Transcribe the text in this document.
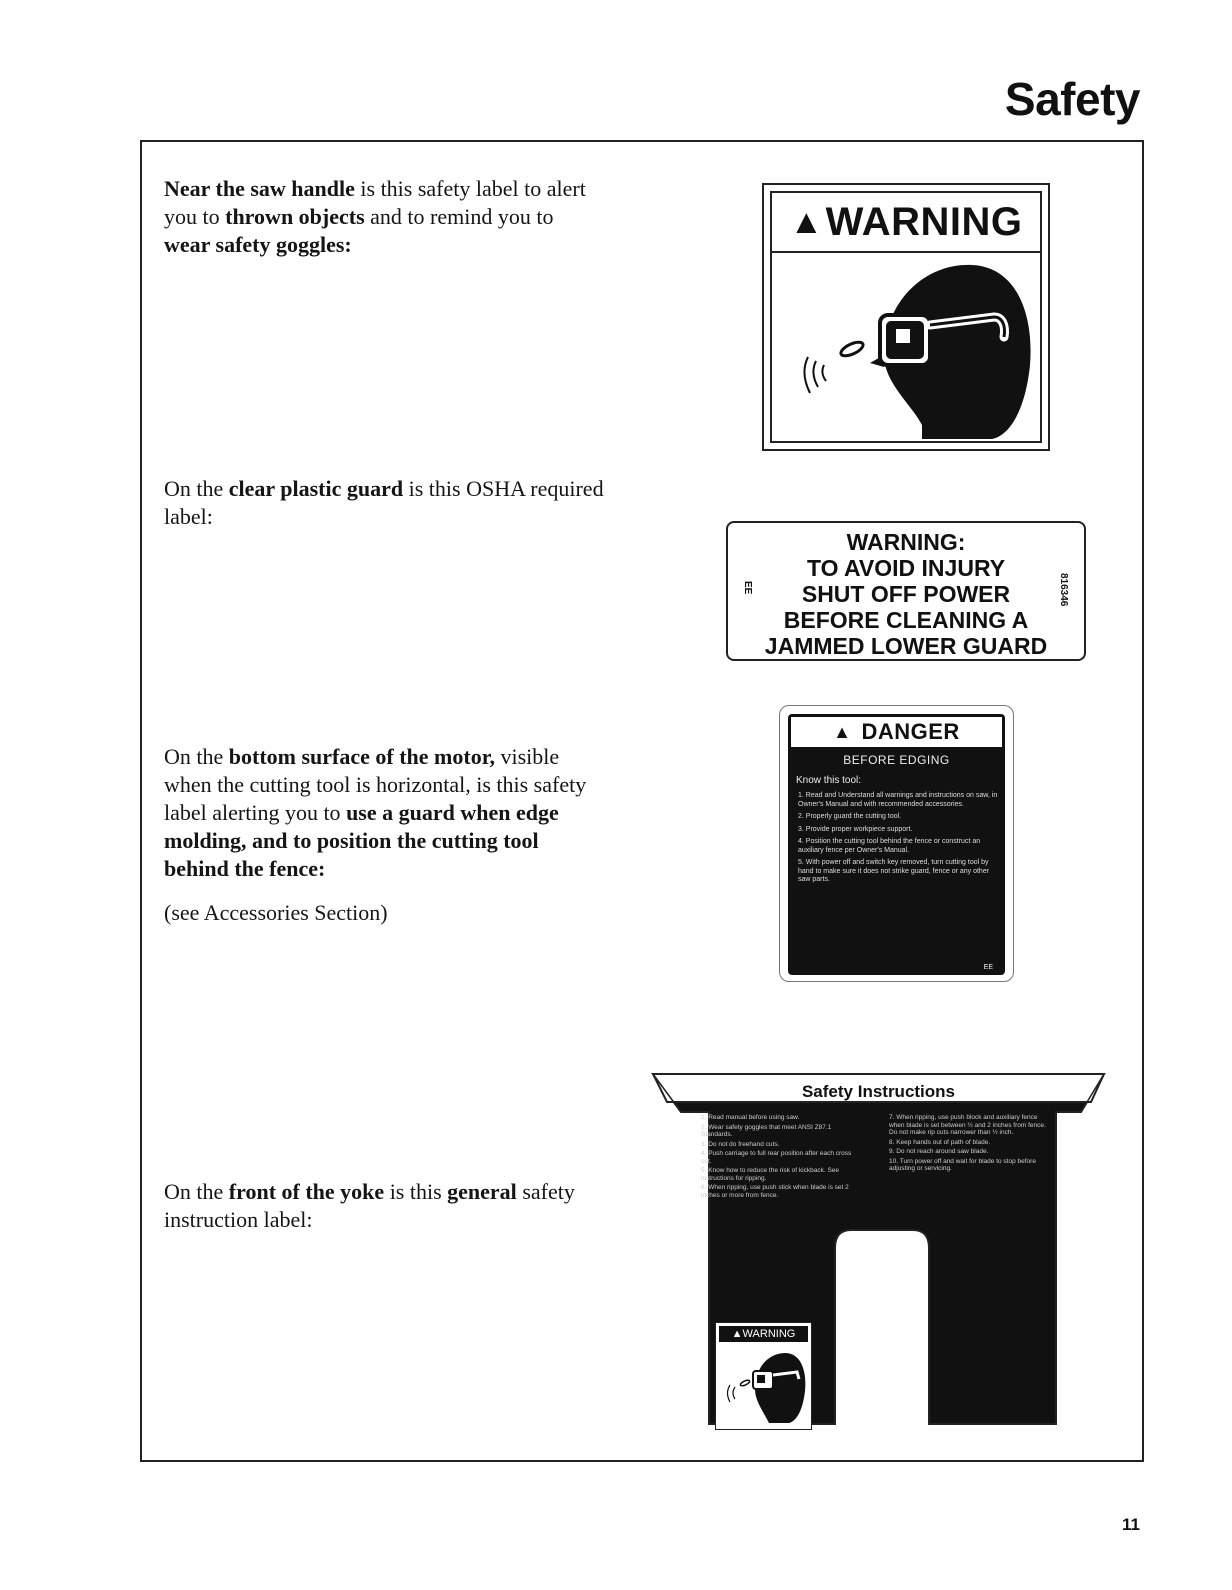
Safety
Near the saw handle is this safety label to alert you to thrown objects and to remind you to wear safety goggles:
On the clear plastic guard is this OSHA required label:
On the bottom surface of the motor, visible when the cutting tool is horizontal, is this safety label alerting you to use a guard when edge molding, and to position the cutting tool behind the fence:
(see Accessories Section)
On the front of the yoke is this general safety instruction label:
▲ WARNING
EE
WARNING:
TO AVOID INJURY
SHUT OFF POWER
BEFORE CLEANING A
JAMMED LOWER GUARD
816346
▲ DANGER
BEFORE EDGING
Know this tool:
1. Read and Understand all warnings and instructions on saw, in Owner's Manual and with recommended accessories.
2. Properly guard the cutting tool.
3. Provide proper workpiece support.
4. Position the cutting tool behind the fence or construct an auxiliary fence per Owner's Manual.
5. With power off and switch key removed, turn cutting tool by hand to make sure it does not strike guard, fence or any other saw parts.
EE
Safety Instructions
1. Read manual before using saw.
2. Wear safety goggles that meet ANSI Z87.1 Standards.
3. Do not do freehand cuts.
4. Push carriage to full rear position after each cross cut.
5. Know how to reduce the risk of kickback. See instructions for ripping.
6. When ripping, use push stick when blade is set 2 inches or more from fence.
7. When ripping, use push block and auxiliary fence when blade is set between ½ and 2 inches from fence. Do not make rip cuts narrower than ½ inch.
8. Keep hands out of path of blade.
9. Do not reach around saw blade.
10. Turn power off and wait for blade to stop before adjusting or servicing.
▲WARNING
11
